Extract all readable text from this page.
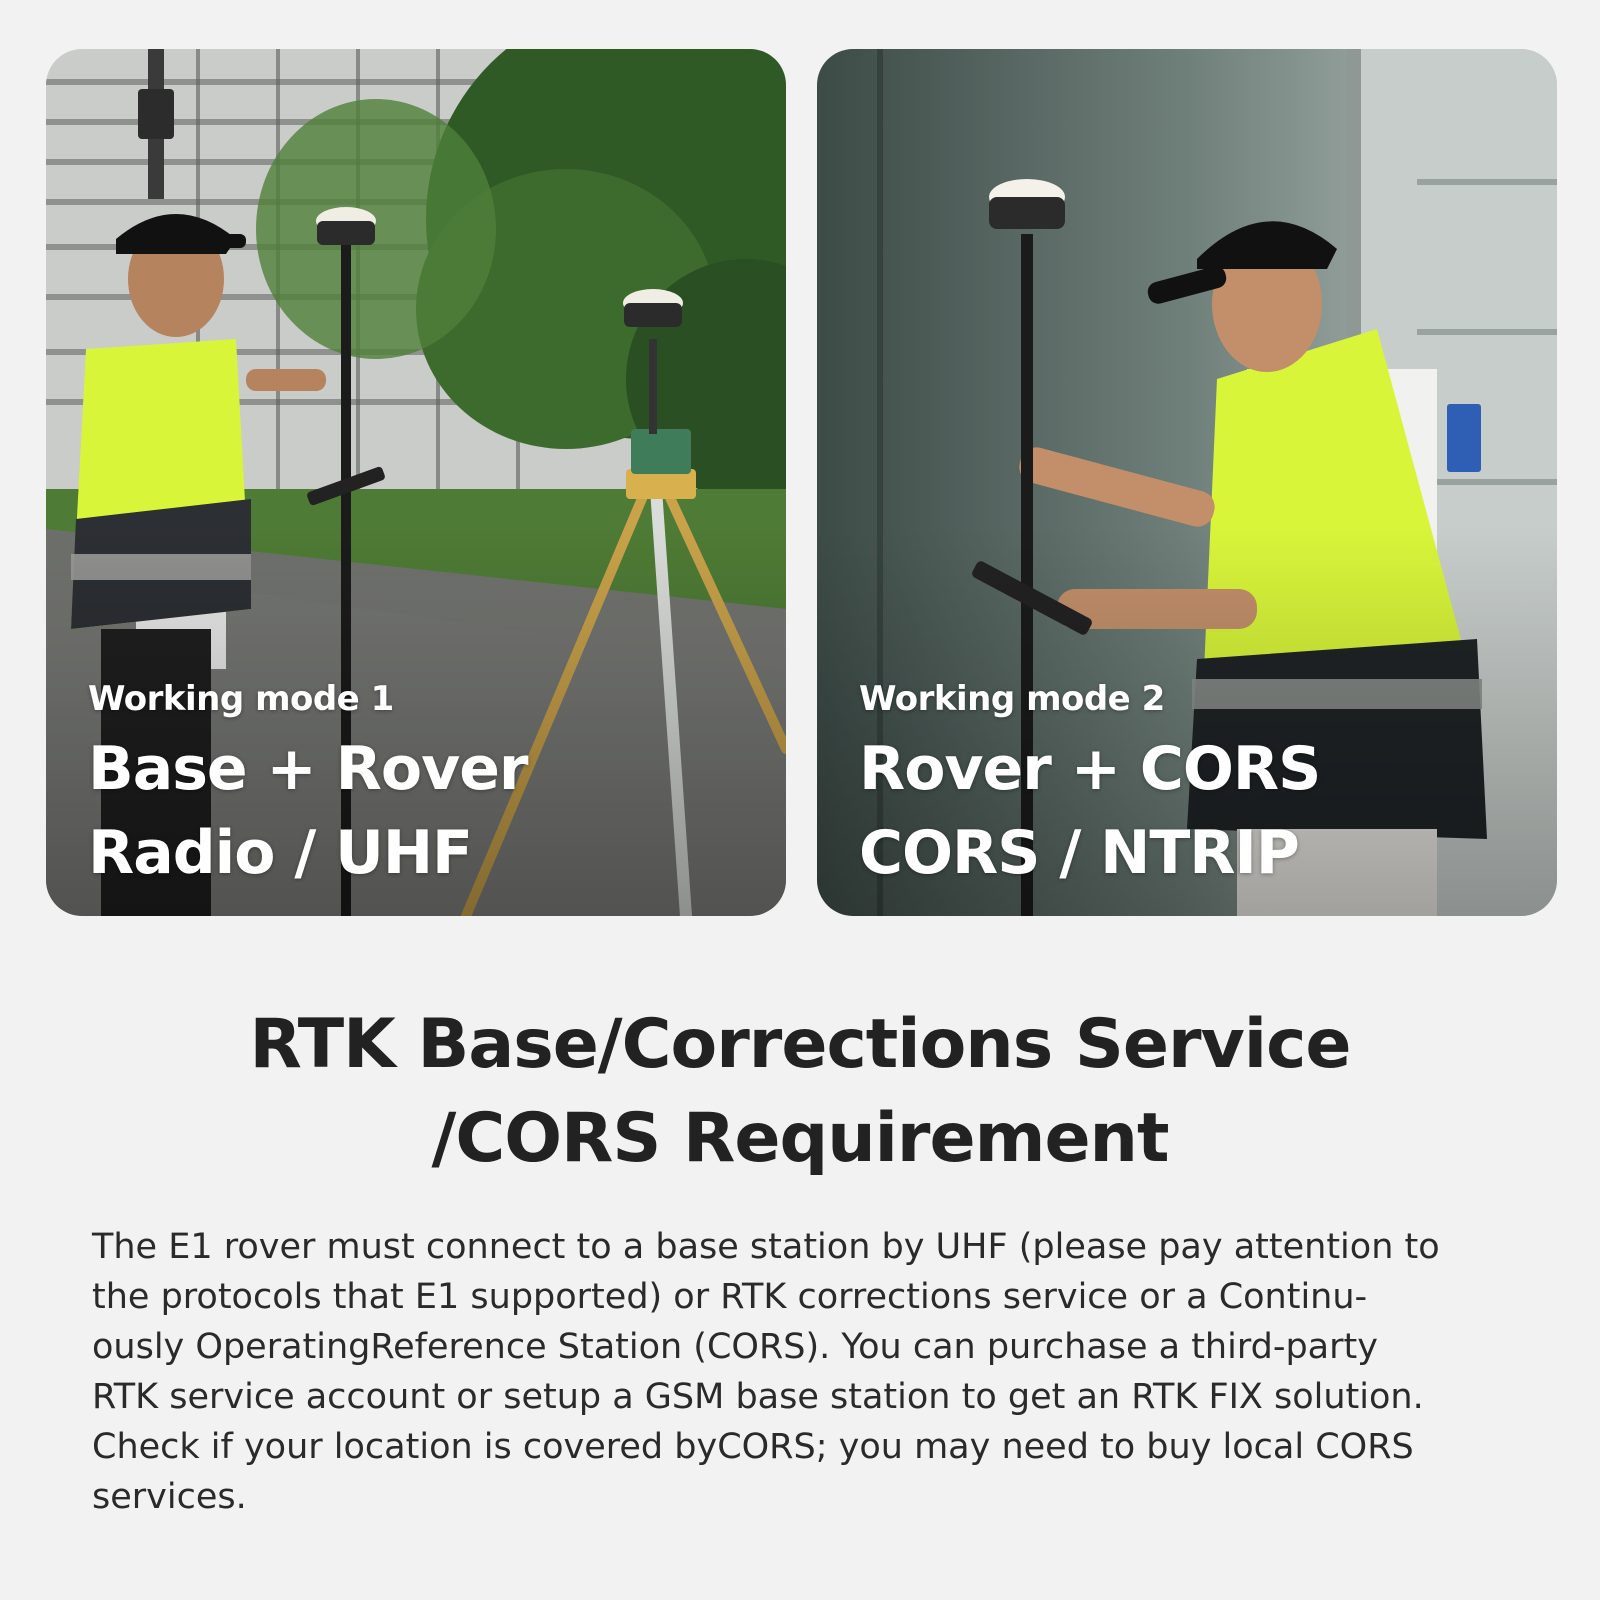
Working mode 1
Base + Rover
Radio / UHF
Working mode 2
Rover + CORS
CORS / NTRIP
RTK Base/Corrections Service
/CORS Requirement
The E1 rover must connect to a base station by UHF (please pay attention to
the protocols that E1 supported) or RTK corrections service or a Continu-
ously OperatingReference Station (CORS). You can purchase a third-party
RTK service account or setup a GSM base station to get an RTK FIX solution.
Check if your location is covered byCORS; you may need to buy local CORS
services.
